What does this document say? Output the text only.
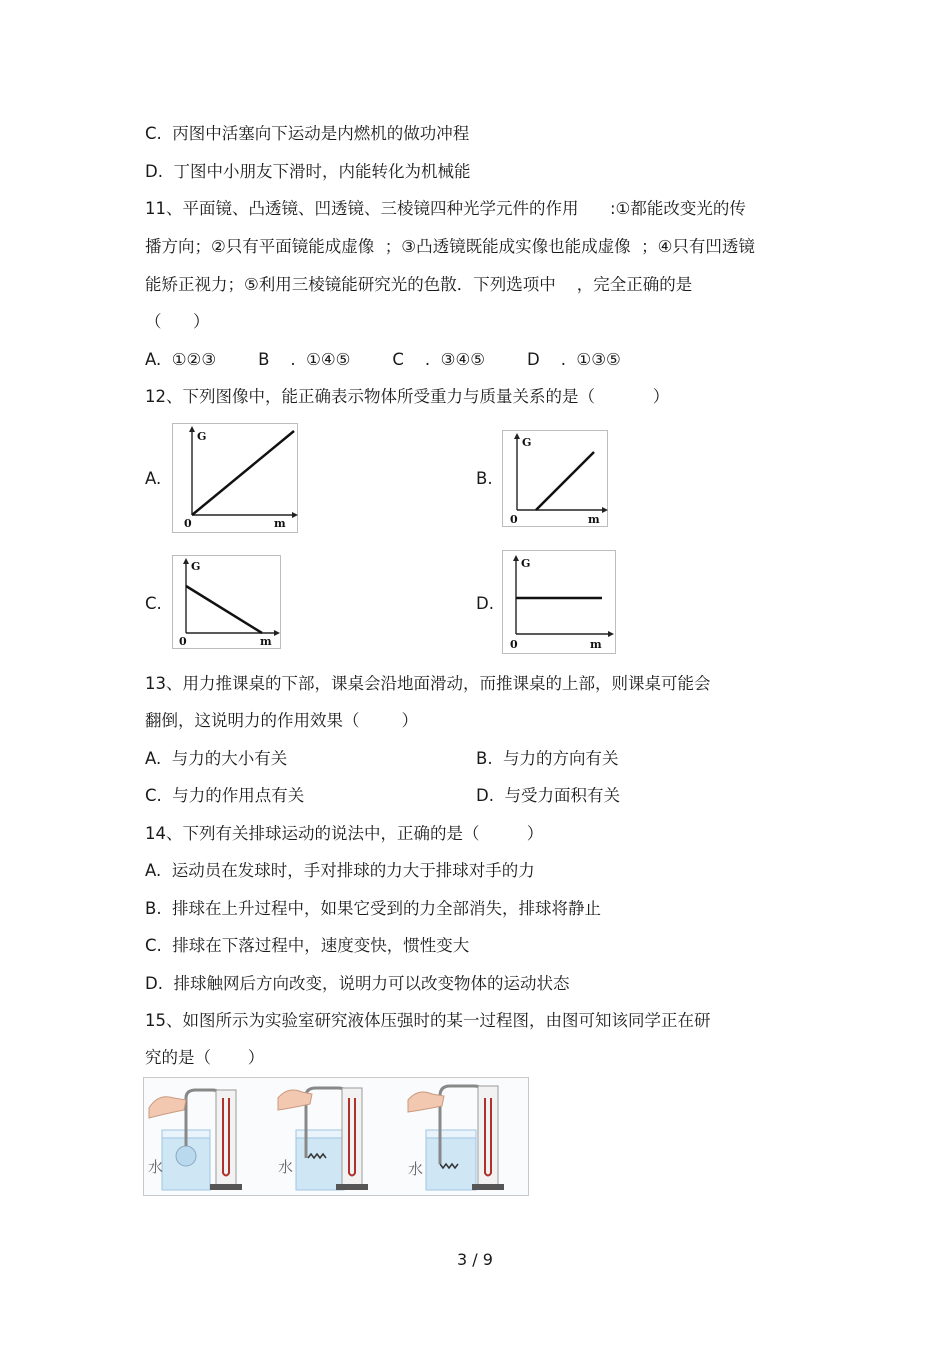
C.  丙图中活塞向下运动是内燃机的做功冲程
D.  丁图中小朋友下滑时，内能转化为机械能
11、平面镜、凸透镜、凹透镜、三棱镜四种光学元件的作用      :①都能改变光的传
播方向；②只有平面镜能成虚像  ；③凸透镜既能成实像也能成虚像  ；④只有凹透镜
能矫正视力；⑤利用三棱镜能研究光的色散．下列选项中    ，完全正确的是
（      ）
A.  ①②③        B    .  ①④⑤        C    .  ③④⑤        D    .  ①③⑤
12、下列图像中，能正确表示物体所受重力与质量关系的是（           ）
A.
G
0	m
B.
G
0	m
C.
G
0	m
D.
G
0	m
13、用力推课桌的下部，课桌会沿地面滑动，而推课桌的上部，则课桌可能会
翻倒，这说明力的作用效果（        ）
A.  与力的大小有关	B.  与力的方向有关
C.  与力的作用点有关	D.  与受力面积有关
14、下列有关排球运动的说法中，正确的是（         ）
A.  运动员在发球时，手对排球的力大于排球对手的力
B.  排球在上升过程中，如果它受到的力全部消失，排球将静止
C.  排球在下落过程中，速度变快，惯性变大
D.  排球触网后方向改变，说明力可以改变物体的运动状态
15、如图所示为实验室研究液体压强时的某一过程图，由图可知该同学正在研
究的是（       ）
水	水	水
3 / 9
